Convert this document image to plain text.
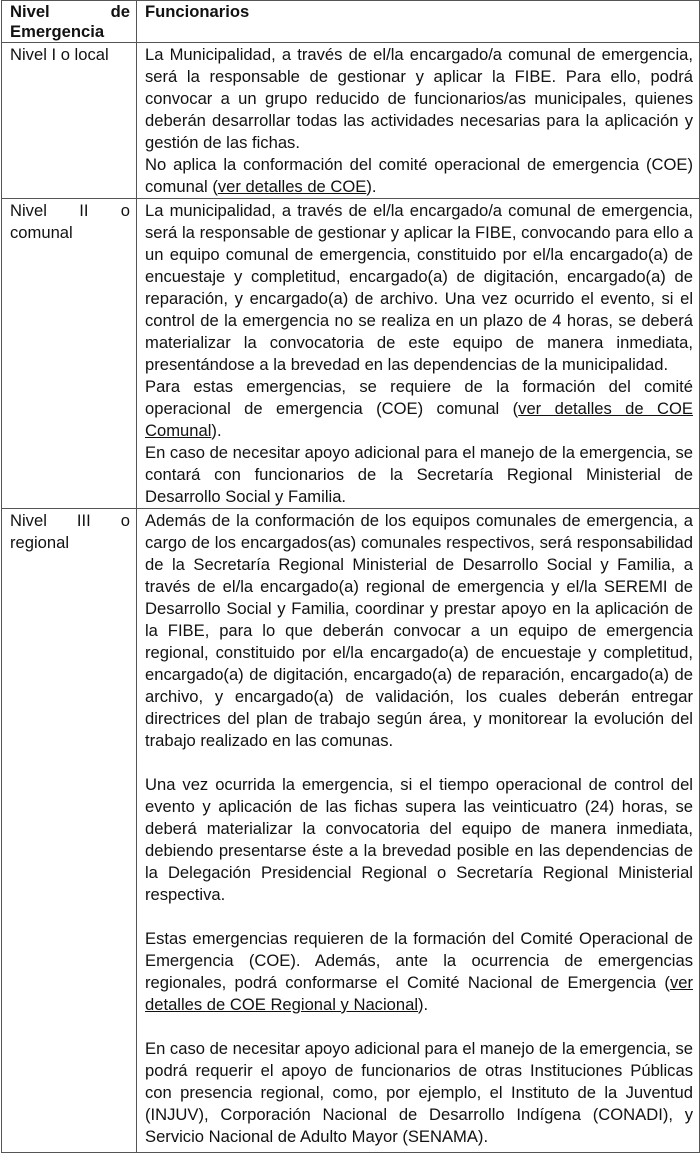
Nivel de Emergencia	Funcionarios
Nivel I o local	La Municipalidad, a través de el/la encargado/a comunal de emergencia, será la responsable de gestionar y aplicar la FIBE. Para ello, podrá convocar a un grupo reducido de funcionarios/as municipales, quienes deberán desarrollar todas las actividades necesarias para la aplicación y gestión de las fichas.

No aplica la conformación del comité operacional de emergencia (COE) comunal (ver detalles de COE).

Nivel II o comunal	La municipalidad, a través de el/la encargado/a comunal de emergencia, será la responsable de gestionar y aplicar la FIBE, convocando para ello a un equipo comunal de emergencia, constituido por el/la encargado(a) de encuestaje y completitud, encargado(a) de digitación, encargado(a) de reparación, y encargado(a) de archivo. Una vez ocurrido el evento, si el control de la emergencia no se realiza en un plazo de 4 horas, se deberá materializar la convocatoria de este equipo de manera inmediata, presentándose a la brevedad en las dependencias de la municipalidad.

Para estas emergencias, se requiere de la formación del comité operacional de emergencia (COE) comunal (ver detalles de COE Comunal).

En caso de necesitar apoyo adicional para el manejo de la emergencia, se contará con funcionarios de la Secretaría Regional Ministerial de Desarrollo Social y Familia.

Nivel III o regional	Además de la conformación de los equipos comunales de emergencia, a cargo de los encargados(as) comunales respectivos, será responsabilidad de la Secretaría Regional Ministerial de Desarrollo Social y Familia, a través de el/la encargado(a) regional de emergencia y el/la SEREMI de Desarrollo Social y Familia, coordinar y prestar apoyo en la aplicación de la FIBE, para lo que deberán convocar a un equipo de emergencia regional, constituido por el/la encargado(a) de encuestaje y completitud, encargado(a) de digitación, encargado(a) de reparación, encargado(a) de archivo, y encargado(a) de validación, los cuales deberán entregar directrices del plan de trabajo según área, y monitorear la evolución del trabajo realizado en las comunas.

Una vez ocurrida la emergencia, si el tiempo operacional de control del evento y aplicación de las fichas supera las veinticuatro (24) horas, se deberá materializar la convocatoria del equipo de manera inmediata, debiendo presentarse éste a la brevedad posible en las dependencias de la Delegación Presidencial Regional o Secretaría Regional Ministerial respectiva.

Estas emergencias requieren de la formación del Comité Operacional de Emergencia (COE). Además, ante la ocurrencia de emergencias regionales, podrá conformarse el Comité Nacional de Emergencia (ver detalles de COE Regional y Nacional).

En caso de necesitar apoyo adicional para el manejo de la emergencia, se podrá requerir el apoyo de funcionarios de otras Instituciones Públicas con presencia regional, como, por ejemplo, el Instituto de la Juventud (INJUV), Corporación Nacional de Desarrollo Indígena (CONADI), y Servicio Nacional de Adulto Mayor (SENAMA).
